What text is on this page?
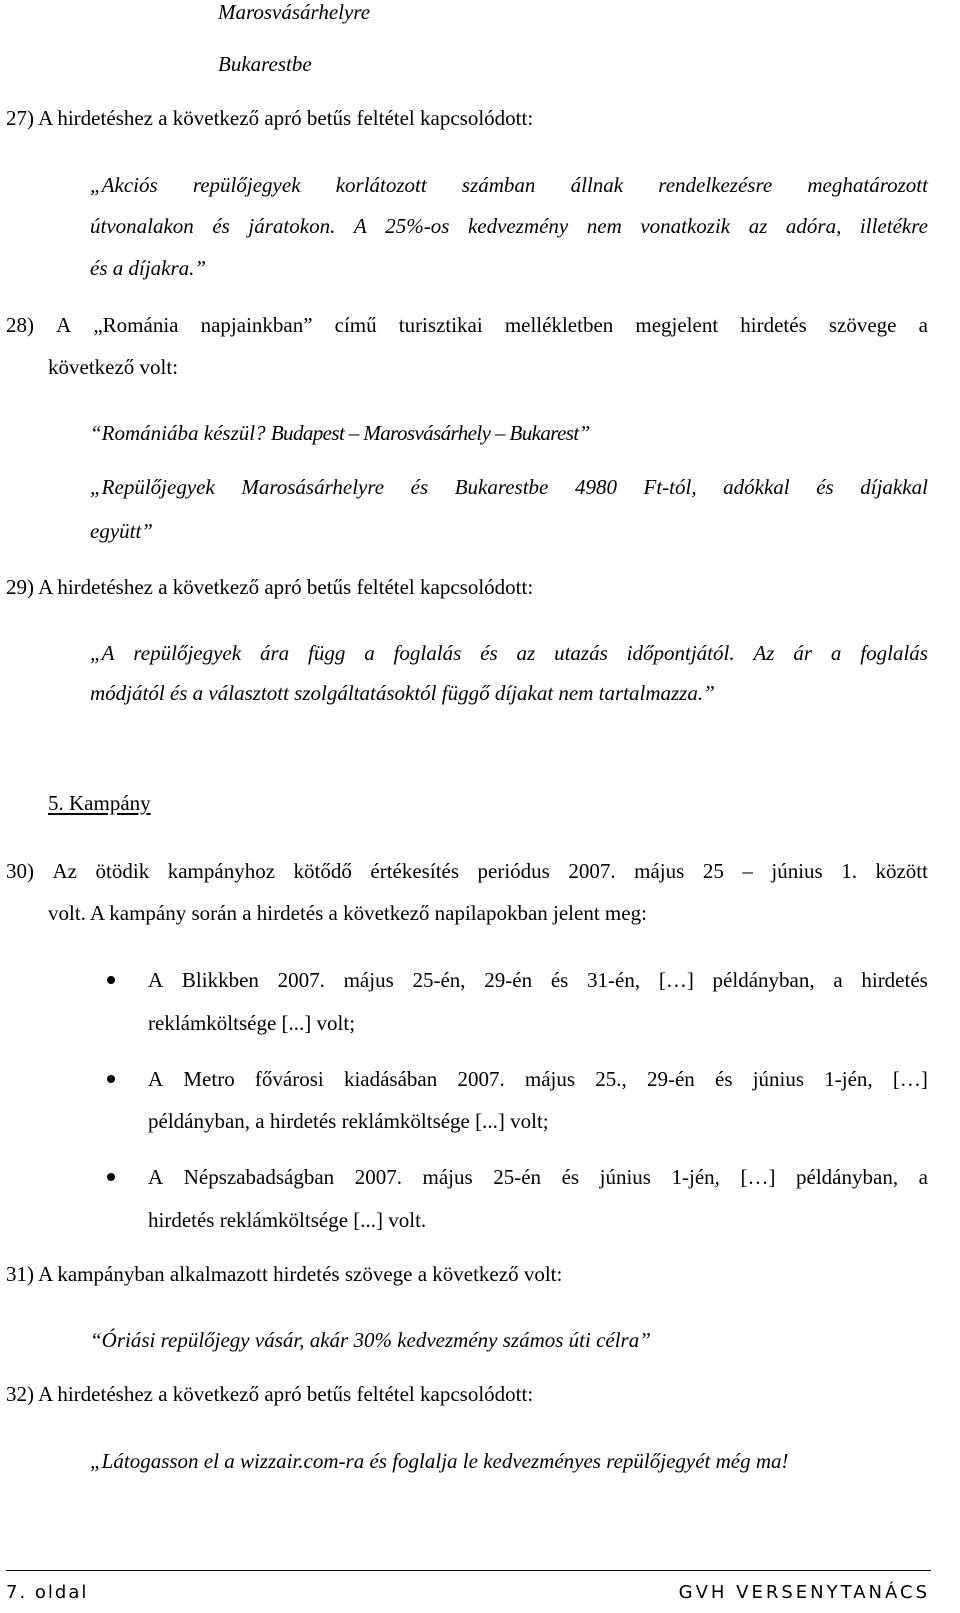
Marosvásárhelyre
Bukarestbe
27) A hirdetéshez a következő apró betűs feltétel kapcsolódott:
„Akciós repülőjegyek korlátozott számban állnak rendelkezésre meghatározott
útvonalakon és járatokon. A 25%-os kedvezmény nem vonatkozik az adóra, illetékre
és a díjakra.”
28) A „Románia napjainkban” című turisztikai mellékletben megjelent hirdetés szövege a
következő volt:
“Romániába készül? Budapest – Marosvásárhely – Bukarest”
„Repülőjegyek Marosásárhelyre és Bukarestbe 4980 Ft-tól, adókkal és díjakkal
együtt”
29) A hirdetéshez a következő apró betűs feltétel kapcsolódott:
„A repülőjegyek ára függ a foglalás és az utazás időpontjától. Az ár a foglalás
módjától és a választott szolgáltatásoktól függő díjakat nem tartalmazza.”
5. Kampány
30) Az ötödik kampányhoz kötődő értékesítés periódus 2007. május 25 – június 1. között
volt. A kampány során a hirdetés a következő napilapokban jelent meg:
A Blikkben 2007. május 25-én, 29-én és 31-én, […] példányban, a hirdetés
reklámköltsége [...] volt;
A Metro fővárosi kiadásában 2007. május 25., 29-én és június 1-jén, […]
példányban, a hirdetés reklámköltsége [...] volt;
A Népszabadságban 2007. május 25-én és június 1-jén, […] példányban, a
hirdetés reklámköltsége [...] volt.
31) A kampányban alkalmazott hirdetés szövege a következő volt:
“Óriási repülőjegy vásár, akár 30% kedvezmény számos úti célra”
32) A hirdetéshez a következő apró betűs feltétel kapcsolódott:
„Látogasson el a wizzair.com-ra és foglalja le kedvezményes repülőjegyét még ma!
7. oldal	GVH VERSENYTANÁCS
